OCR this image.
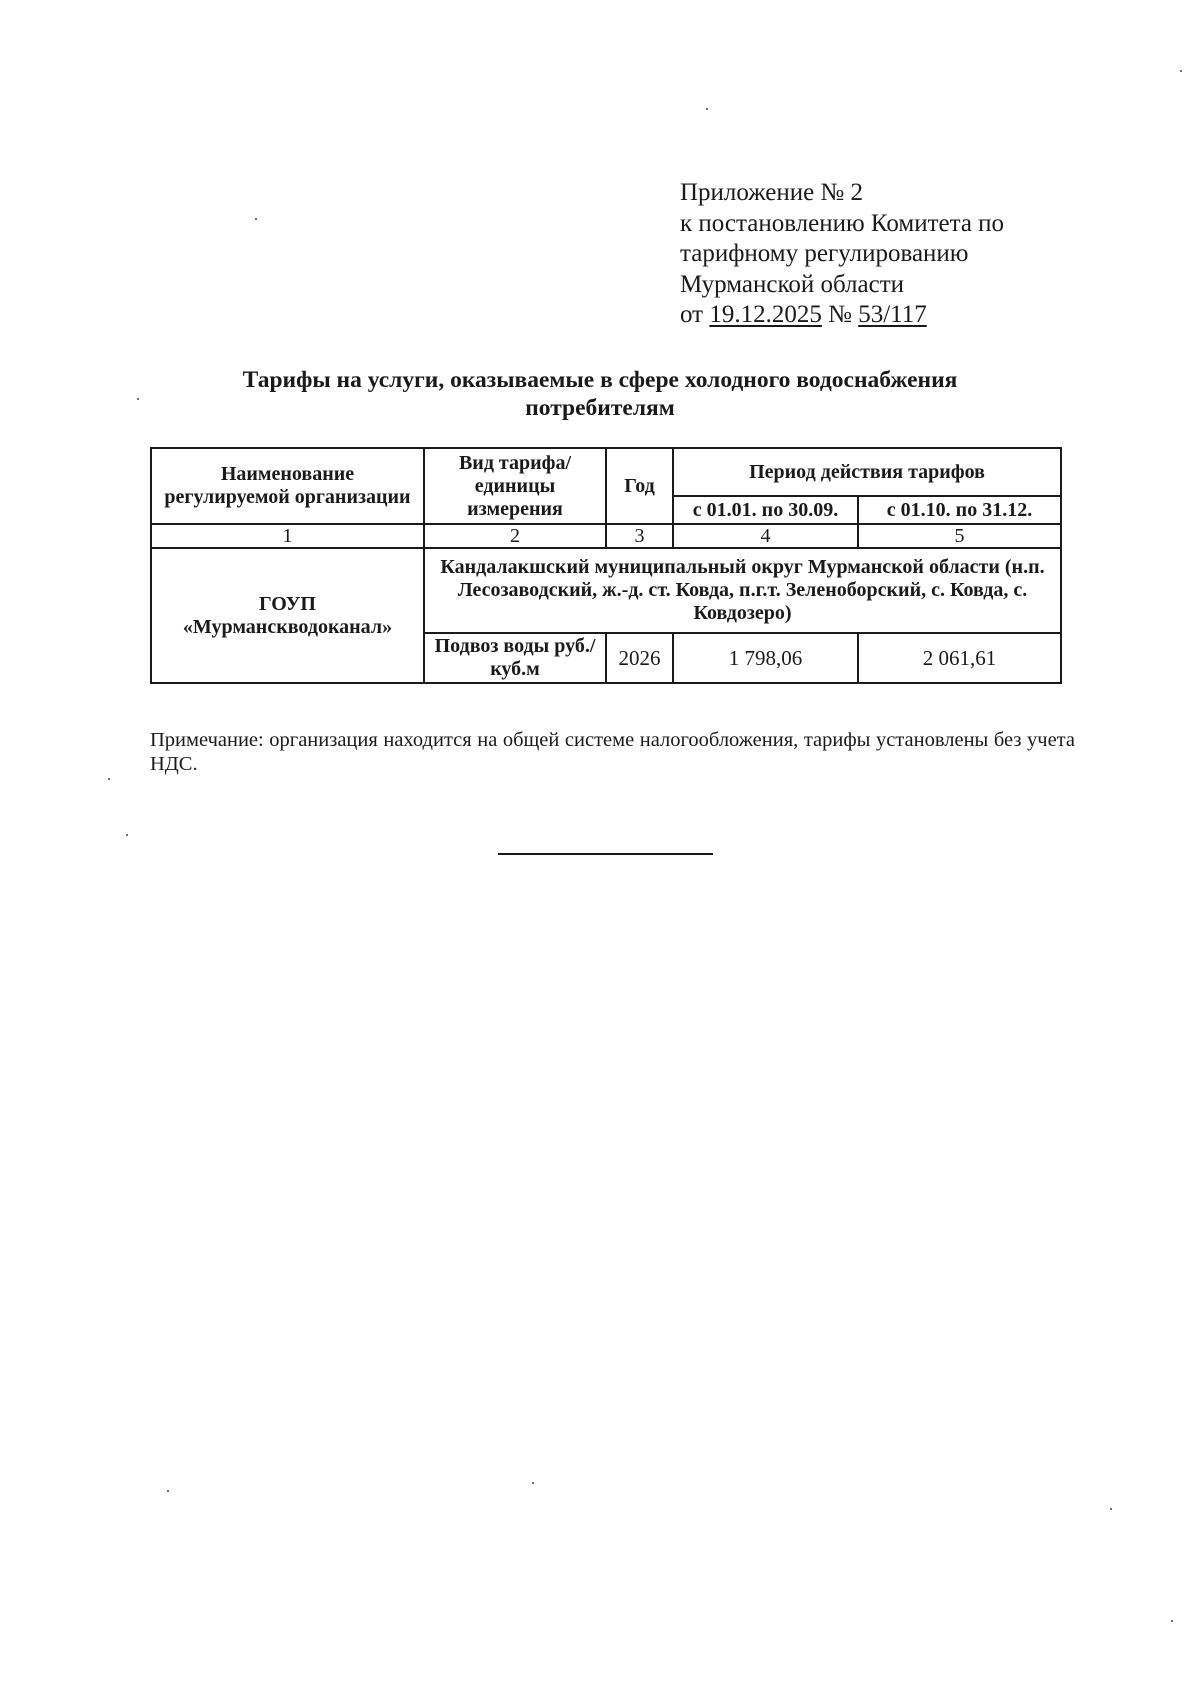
Приложение № 2
к постановлению Комитета по
тарифному регулированию
Мурманской области
от 19.12.2025 № 53/117
Тарифы на услуги, оказываемые в сфере холодного водоснабжения
потребителям
Наименование регулируемой организации	Вид тарифа/единицы измерения	Год	Период действия тарифов	
			с 01.01. по 30.09.	с 01.10. по 31.12.
1	2	3	4	5
ГОУП «Мурманскводоканал»	Кандалакшский муниципальный округ Мурманской области (н.п. Лесозаводский, ж.-д. ст. Ковда, п.г.т. Зеленоборский, с. Ковда, с. Ковдозеро)			
	Подвоз воды руб./куб.м	2026	1 798,06	2 061,61
Примечание: организация находится на общей системе налогообложения, тарифы установлены без учета НДС.
